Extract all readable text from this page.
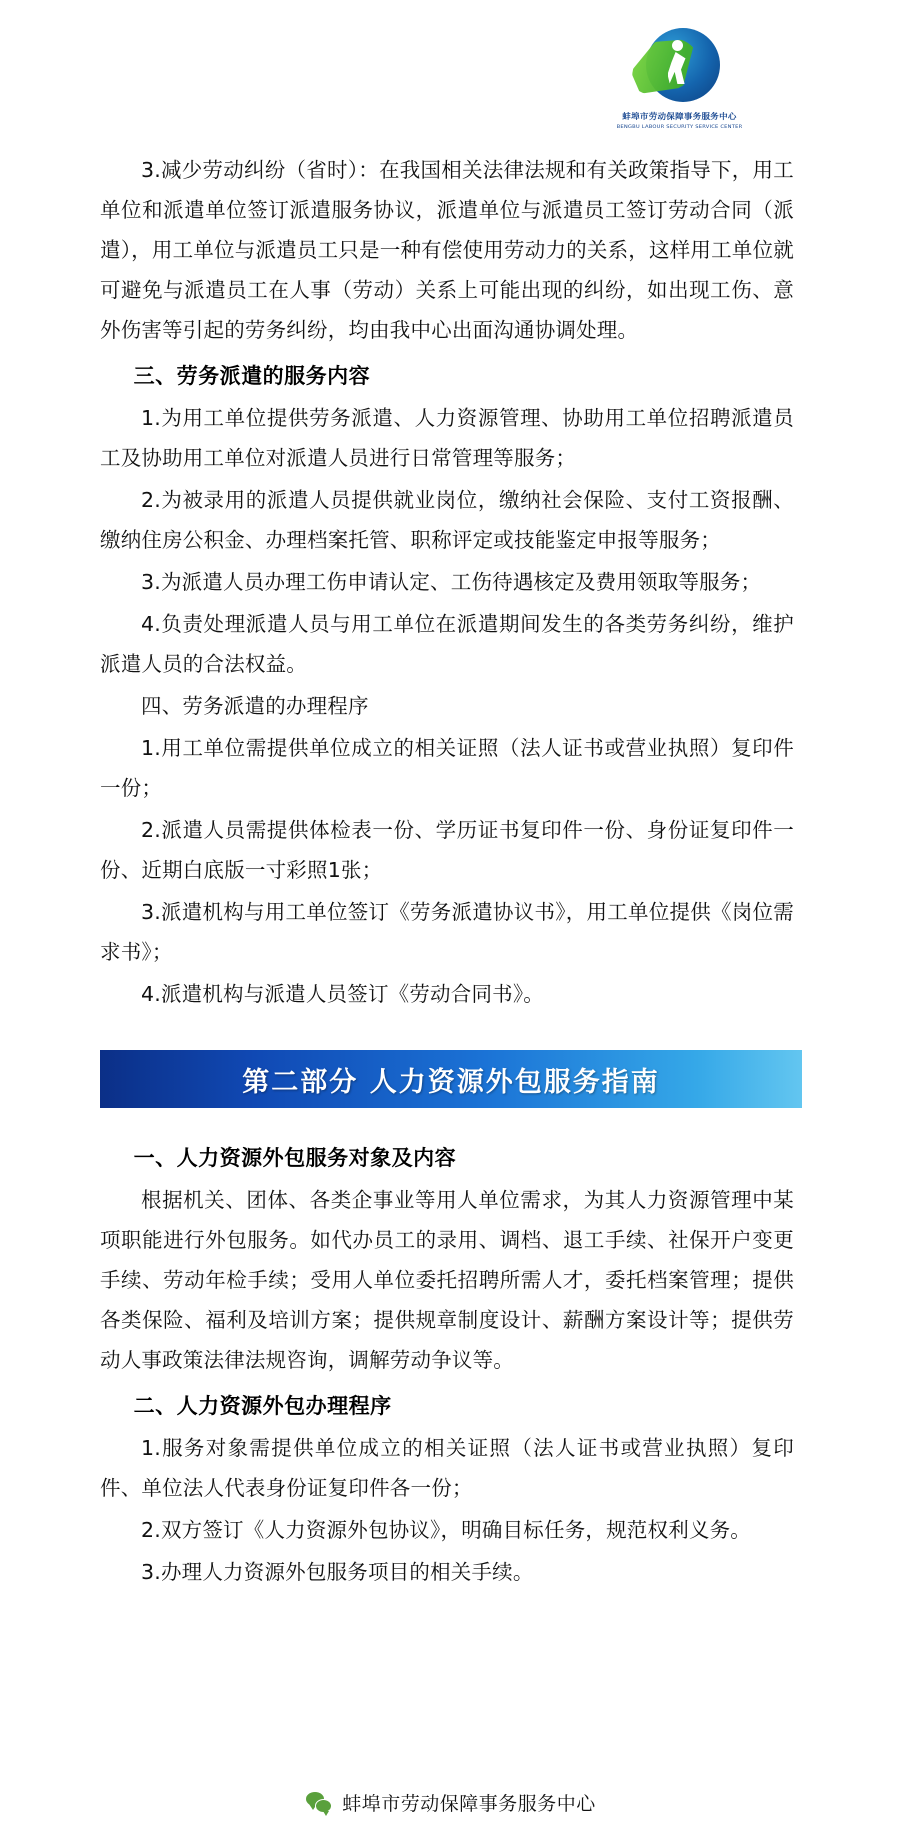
✦
蚌埠市劳动保障事务服务中心
BENGBU LABOUR SECURITY SERVICE CENTER

3.减少劳动纠纷（省时）：在我国相关法律法规和有关政策指导下，用工单位和派遣单位签订派遣服务协议，派遣单位与派遣员工签订劳动合同（派遣），用工单位与派遣员工只是一种有偿使用劳动力的关系，这样用工单位就可避免与派遣员工在人事（劳动）关系上可能出现的纠纷，如出现工伤、意外伤害等引起的劳务纠纷，均由我中心出面沟通协调处理。

三、劳务派遣的服务内容

1.为用工单位提供劳务派遣、人力资源管理、协助用工单位招聘派遣员工及协助用工单位对派遣人员进行日常管理等服务；

2.为被录用的派遣人员提供就业岗位，缴纳社会保险、支付工资报酬、缴纳住房公积金、办理档案托管、职称评定或技能鉴定申报等服务；

3.为派遣人员办理工伤申请认定、工伤待遇核定及费用领取等服务；

4.负责处理派遣人员与用工单位在派遣期间发生的各类劳务纠纷，维护派遣人员的合法权益。

四、劳务派遣的办理程序

1.用工单位需提供单位成立的相关证照（法人证书或营业执照）复印件一份；

2.派遣人员需提供体检表一份、学历证书复印件一份、身份证复印件一份、近期白底版一寸彩照1张；

3.派遣机构与用工单位签订《劳务派遣协议书》，用工单位提供《岗位需求书》；

4.派遣机构与派遣人员签订《劳动合同书》。

第二部分 人力资源外包服务指南
一、人力资源外包服务对象及内容

根据机关、团体、各类企事业等用人单位需求，为其人力资源管理中某项职能进行外包服务。如代办员工的录用、调档、退工手续、社保开户变更手续、劳动年检手续；受用人单位委托招聘所需人才，委托档案管理；提供各类保险、福利及培训方案；提供规章制度设计、薪酬方案设计等；提供劳动人事政策法律法规咨询，调解劳动争议等。

二、人力资源外包办理程序

1.服务对象需提供单位成立的相关证照（法人证书或营业执照）复印件、单位法人代表身份证复印件各一份；

2.双方签订《人力资源外包协议》，明确目标任务，规范权利义务。

3.办理人力资源外包服务项目的相关手续。

蚌埠市劳动保障事务服务中心
